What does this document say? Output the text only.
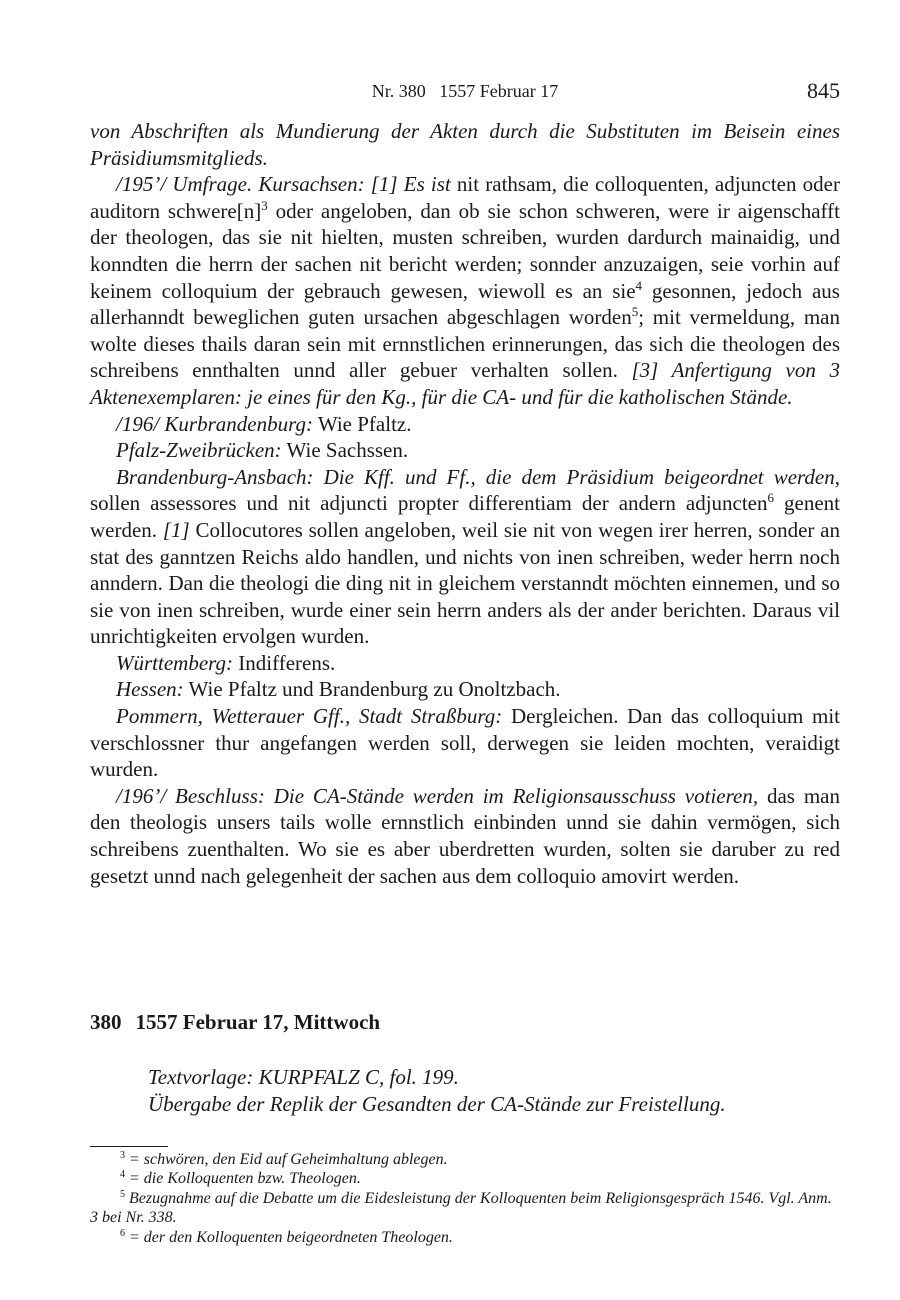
Nr. 380   1557 Februar 17	845

von Abschriften als Mundierung der Akten durch die Substituten im Beisein eines Präsidiumsmitglieds.

/195’/ Umfrage. Kursachsen: [1] Es ist nit rathsam, die colloquenten, adjuncten oder auditorn $schwere[n]^3$ oder angeloben, dan ob sie schon schweren, were ir aigenschafft der theologen, das sie nit hielten, musten schreiben, wurden dardurch mainaidig, und konndten die herrn der sachen nit bericht werden; sonnder anzuzaigen, seie vorhin auf keinem colloquium der gebrauch gewesen, wiewoll es an sie$^4$ gesonnen, jedoch aus allerhanndt beweglichen guten ursachen abgeschlagen worden$^5$; mit vermeldung, man wolte dieses thails daran sein mit ernnstlichen erinnerungen, das sich die theologen des schreibens ennthalten unnd aller gebuer verhalten sollen. [3] Anfertigung von 3 Aktenexemplaren: je eines für den Kg., für die CA- und für die katholischen Stände.

/196/ Kurbrandenburg: Wie Pfaltz.

Pfalz-Zweibrücken: Wie Sachssen.

Brandenburg-Ansbach: Die Kff. und Ff., die dem Präsidium beigeordnet werden, sollen assessores und nit adjuncti propter differentiam der andern adjuncten$^6$ genent werden. [1] Collocutores sollen angeloben, weil sie nit von wegen irer herren, sonder an stat des ganntzen Reichs aldo handlen, und nichts von inen schreiben, weder herrn noch anndern. Dan die theologi die ding nit in gleichem verstanndt möchten einnemen, und so sie von inen schreiben, wurde einer sein herrn anders als der ander berichten. Daraus vil unrichtigkeiten ervolgen wurden.

Württemberg: Indifferens.

Hessen: Wie Pfaltz und Brandenburg zu Onoltzbach.

Pommern, Wetterauer Gff., Stadt Straßburg: Dergleichen. Dan das colloquium mit verschlossner thur angefangen werden soll, derwegen sie leiden mochten, veraidigt wurden.

/196’/ Beschluss: Die CA-Stände werden im Religionsausschuss votieren, das man den theologis unsers tails wolle ernnstlich einbinden unnd sie dahin vermögen, sich schreibens zuenthalten. Wo sie es aber uberdretten wurden, solten sie daruber zu red gesetzt unnd nach gelegenheit der sachen aus dem colloquio amovirt werden.

380 1557 Februar 17, Mittwoch
Textvorlage: KURPFALZ C, fol. 199.
Übergabe der Replik der Gesandten der CA-Stände zur Freistellung.

$^3$ = schwören, den Eid auf Geheimhaltung ablegen.

$^4$ = die Kolloquenten bzw. Theologen.

$^5$ Bezugnahme auf die Debatte um die Eidesleistung der Kolloquenten beim Religionsgespräch 1546. Vgl. Anm. 3 bei Nr. 338.

$^6$ = der den Kolloquenten beigeordneten Theologen.
